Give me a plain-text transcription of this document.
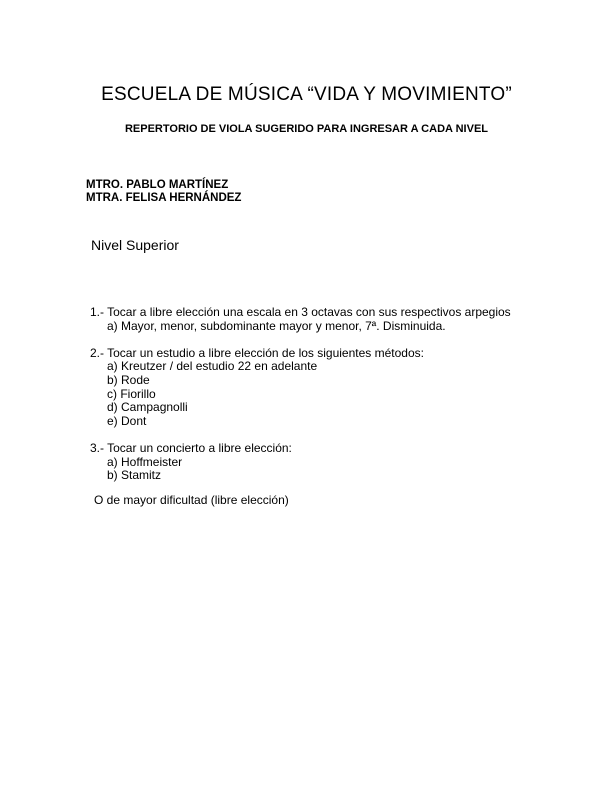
ESCUELA DE MÚSICA “VIDA Y MOVIMIENTO”
REPERTORIO DE VIOLA SUGERIDO PARA INGRESAR A CADA NIVEL
MTRO. PABLO MARTÍNEZ
MTRA. FELISA HERNÁNDEZ
Nivel Superior
1.- Tocar a libre elección una escala en 3 octavas con sus respectivos arpegios
a) Mayor, menor, subdominante mayor y menor, 7ª. Disminuida.
2.- Tocar un estudio a libre elección de los siguientes métodos:
a) Kreutzer / del estudio 22 en adelante
b) Rode
c) Fiorillo
d) Campagnolli
e) Dont
3.- Tocar un concierto a libre elección:
a) Hoffmeister
b) Stamitz
O de mayor dificultad (libre elección)
